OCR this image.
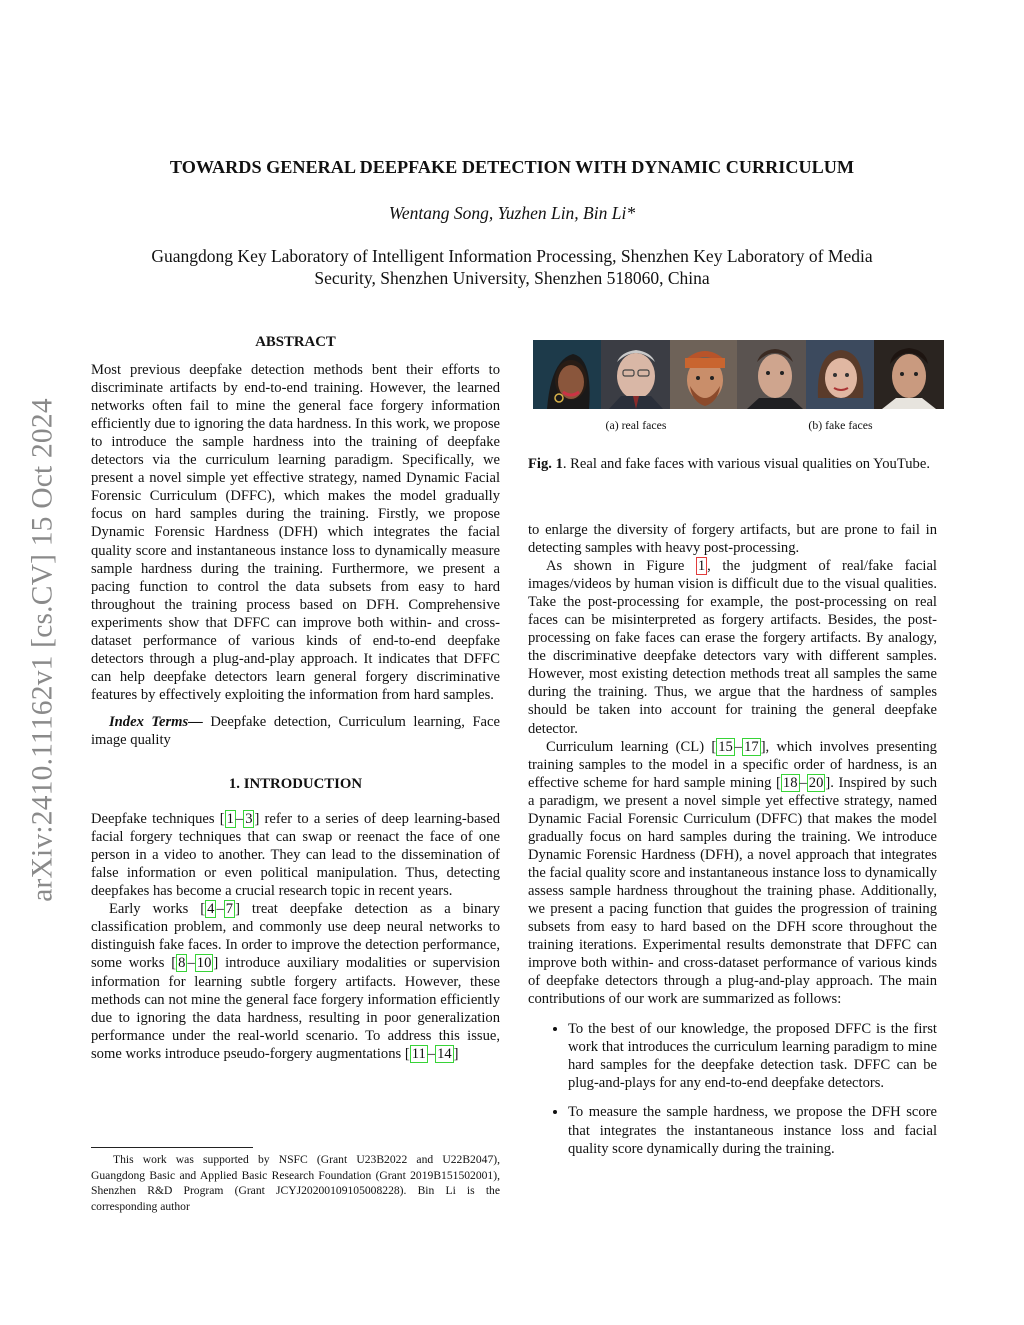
arXiv:2410.11162v1 [cs.CV] 15 Oct 2024
TOWARDS GENERAL DEEPFAKE DETECTION WITH DYNAMIC CURRICULUM
Wentang Song, Yuzhen Lin, Bin Li*
Guangdong Key Laboratory of Intelligent Information Processing, Shenzhen Key Laboratory of Media Security, Shenzhen University, Shenzhen 518060, China
ABSTRACT

Most previous deepfake detection methods bent their efforts to discriminate artifacts by end-to-end training. However, the learned networks often fail to mine the general face forgery information efficiently due to ignoring the data hardness. In this work, we propose to introduce the sample hardness into the training of deepfake detectors via the curriculum learning paradigm. Specifically, we present a novel simple yet effective strategy, named Dynamic Facial Forensic Curriculum (DFFC), which makes the model gradually focus on hard samples during the training. Firstly, we propose Dynamic Forensic Hardness (DFH) which integrates the facial quality score and instantaneous instance loss to dynamically measure sample hardness during the training. Furthermore, we present a pacing function to control the data subsets from easy to hard throughout the training process based on DFH. Comprehensive experiments show that DFFC can improve both within- and cross-dataset performance of various kinds of end-to-end deepfake detectors through a plug-and-play approach. It indicates that DFFC can help deepfake detectors learn general forgery discriminative features by effectively exploiting the information from hard samples.

Index Terms— Deepfake detection, Curriculum learning, Face image quality

1. INTRODUCTION

Deepfake techniques [ 1 – 3 ] refer to a series of deep learning-based facial forgery techniques that can swap or reenact the face of one person in a video to another. They can lead to the dissemination of false information or even political manipulation. Thus, detecting deepfakes has become a crucial research topic in recent years.

Early works [ 4 – 7 ] treat deepfake detection as a binary classification problem, and commonly use deep neural networks to distinguish fake faces. In order to improve the detection performance, some works [ 8 – 10 ] introduce auxiliary modalities or supervision information for learning subtle forgery artifacts. However, these methods can not mine the general face forgery information efficiently due to ignoring the data hardness, resulting in poor generalization performance under the real-world scenario. To address this issue, some works introduce pseudo-forgery augmentations [ 11 – 14 ]

This work was supported by NSFC (Grant U23B2022 and U22B2047), Guangdong Basic and Applied Basic Research Foundation (Grant 2019B151502001), Shenzhen R&D Program (Grant JCYJ20200109105008228). Bin Li is the corresponding author
(a) real faces	(b) fake faces
Fig. 1. Real and fake faces with various visual qualities on YouTube.

to enlarge the diversity of forgery artifacts, but are prone to fail in detecting samples with heavy post-processing.

As shown in Figure 1 , the judgment of real/fake facial images/videos by human vision is difficult due to the visual qualities. Take the post-processing for example, the post-processing on real faces can be misinterpreted as forgery artifacts. Besides, the post-processing on fake faces can erase the forgery artifacts. By analogy, the discriminative deepfake detectors vary with different samples. However, most existing detection methods treat all samples the same during the training. Thus, we argue that the hardness of samples should be taken into account for training the general deepfake detector.

Curriculum learning (CL) [ 15 – 17 ], which involves presenting training samples to the model in a specific order of hardness, is an effective scheme for hard sample mining [ 18 – 20 ]. Inspired by such a paradigm, we present a novel simple yet effective strategy, named Dynamic Facial Forensic Curriculum (DFFC) that makes the model gradually focus on hard samples during the training. We introduce Dynamic Forensic Hardness (DFH), a novel approach that integrates the facial quality score and instantaneous instance loss to dynamically assess sample hardness throughout the training phase. Additionally, we present a pacing function that guides the progression of training subsets from easy to hard based on the DFH score throughout the training iterations. Experimental results demonstrate that DFFC can improve both within- and cross-dataset performance of various kinds of deepfake detectors through a plug-and-play approach. The main contributions of our work are summarized as follows:

• To the best of our knowledge, the proposed DFFC is the first work that introduces the curriculum learning paradigm to mine hard samples for the deepfake detection task. DFFC can be plug-and-plays for any end-to-end deepfake detectors.
• To measure the sample hardness, we propose the DFH score that integrates the instantaneous instance loss and facial quality score dynamically during the training.
